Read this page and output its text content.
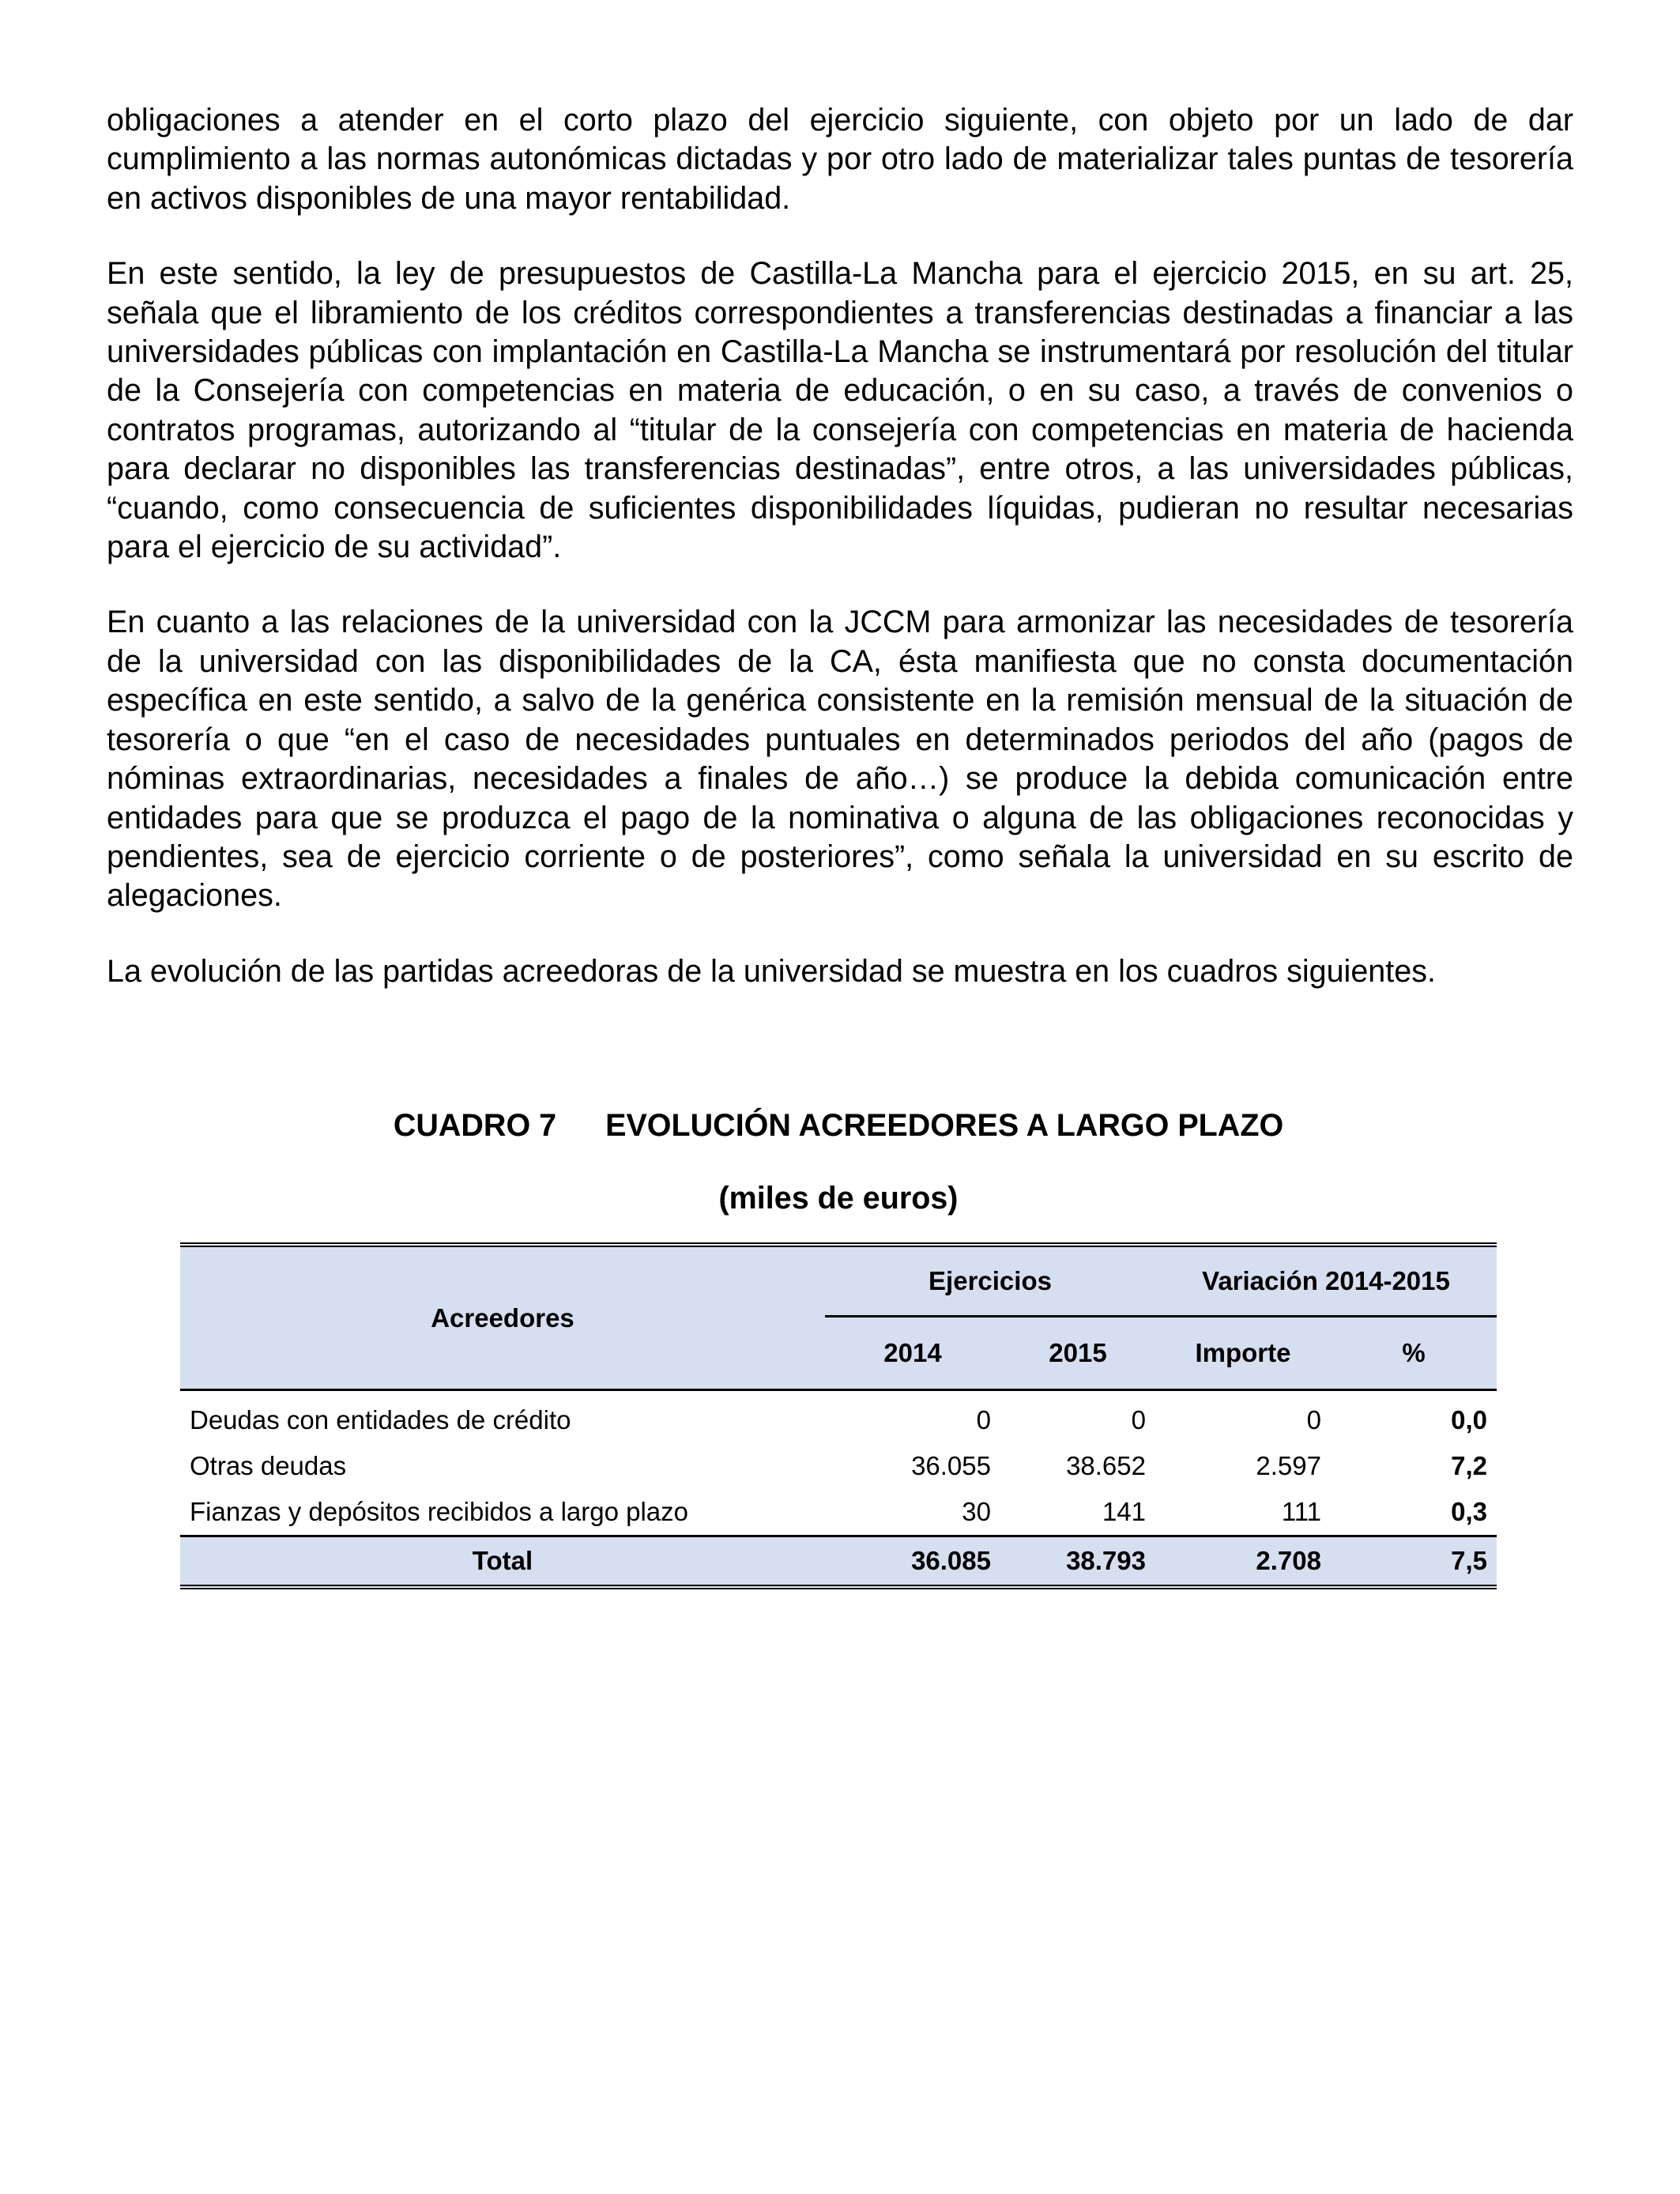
obligaciones a atender en el corto plazo del ejercicio siguiente, con objeto por un lado de dar cumplimiento a las normas autonómicas dictadas y por otro lado de materializar tales puntas de tesorería en activos disponibles de una mayor rentabilidad.

En este sentido, la ley de presupuestos de Castilla-La Mancha para el ejercicio 2015, en su art. 25, señala que el libramiento de los créditos correspondientes a transferencias destinadas a financiar a las universidades públicas con implantación en Castilla-La Mancha se instrumentará por resolución del titular de la Consejería con competencias en materia de educación, o en su caso, a través de convenios o contratos programas, autorizando al “titular de la consejería con competencias en materia de hacienda para declarar no disponibles las transferencias destinadas”, entre otros, a las universidades públicas, “cuando, como consecuencia de suficientes disponibilidades líquidas, pudieran no resultar necesarias para el ejercicio de su actividad”.

En cuanto a las relaciones de la universidad con la JCCM para armonizar las necesidades de tesorería de la universidad con las disponibilidades de la CA, ésta manifiesta que no consta documentación específica en este sentido, a salvo de la genérica consistente en la remisión mensual de la situación de tesorería o que “en el caso de necesidades puntuales en determinados periodos del año (pagos de nóminas extraordinarias, necesidades a finales de año…) se produce la debida comunicación entre entidades para que se produzca el pago de la nominativa o alguna de las obligaciones reconocidas y pendientes, sea de ejercicio corriente o de posteriores”, como señala la universidad en su escrito de alegaciones.

La evolución de las partidas acreedoras de la universidad se muestra en los cuadros siguientes.

CUADRO 7 EVOLUCIÓN ACREEDORES A LARGO PLAZO

(miles de euros)

Acreedores	Ejercicios		Variación 2014-2015	
	2014	2015	Importe	%
Deudas con entidades de crédito	0	0	0	0,0
Otras deudas	36.055	38.652	2.597	7,2
Fianzas y depósitos recibidos a largo plazo	30	141	111	0,3
Total	36.085	38.793	2.708	7,5
